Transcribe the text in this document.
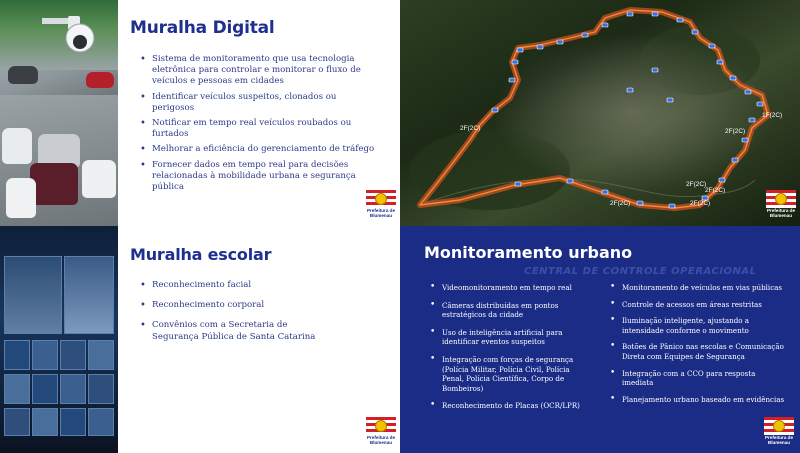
Muralha Digital
• Sistema de monitoramento que usa tecnologia eletrônica para controlar e monitorar o fluxo de veículos e pessoas em cidades
• Identificar veículos suspeitos, clonados ou perigosos
• Notificar em tempo real veículos roubados ou furtados
• Melhorar a eficiência do gerenciamento de tráfego
• Fornecer dados em tempo real para decisões relacionadas à mobilidade urbana e segurança pública
Prefeitura de
Blumenau
2F(2C)
2F(2C)	2F(2C)
2F(2C)
2F(2C)
2F(2C)
1F(2C)
Prefeitura de
Blumenau
Muralha escolar
• Reconhecimento facial
• Reconhecimento corporal
• Convênios com a Secretaria de Segurança Pública de Santa Catarina
Prefeitura de
Blumenau
Monitoramento urbano
CENTRAL DE CONTROLE OPERACIONAL
• Videomonitoramento em tempo real
• Câmeras distribuídas em pontos estratégicos da cidade
• Uso de inteligência artificial para identificar eventos suspeitos
• Integração com forças de segurança (Polícia Militar, Polícia Civil, Polícia Penal, Polícia Científica, Corpo de Bombeiros)
• Reconhecimento de Placas (OCR/LPR)
• Monitoramento de veículos em vias públicas
• Controle de acessos em áreas restritas
• Iluminação inteligente, ajustando a intensidade conforme o movimento
• Botões de Pânico nas escolas e Comunicação Direta com Equipes de Segurança
• Integração com a CCO para resposta imediata
• Planejamento urbano baseado em evidências
Prefeitura de
Blumenau
